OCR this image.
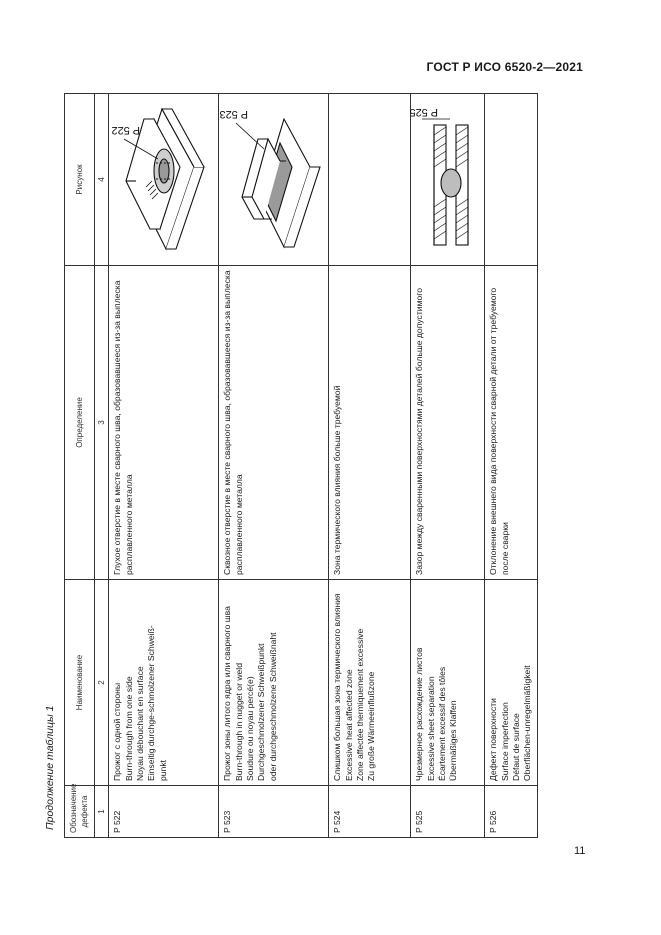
ГОСТ Р ИСО 6520-2—2021
Продолжение таблицы 1 Обозначение дефекта	Наименование	Определение	Рисунок
1	2	3	4
P 522	Прожог с одной стороны Burn-through from one side Noyau débouchant en surface Einseitig durchge-schmolzener Schweiß- punkt	Глухое отверстие в месте сварного шва, образовавшееся из-за выплеска расплавленного металла	P 522

P 523	Прожог зоны литого ядра или сварного шва Burn-through in nugget or weld Soudure ou noyau percé(e) Durchgeschmolzener Schweißpunkt oder durchgeschmolzene Schweißnaht	Сквозное отверстие в месте сварного шва, образовавшееся из-за выплеска расплавленного металла	P 523

P 524	Слишком большая зона термического влияния Excessive heat affected zone Zone affectée thermiquement excessive Zu große Wärmeeinflußzone	Зона термического влияния больше требуемой	
P 525	Чрезмерное расхождение листов Excessive sheet separation Écartement excessif des tôles Übermäßiges Klaffen	Зазор между сваренными поверхностями деталей больше допустимого	P 525

P 526	Дефект поверхности Surface imperfection Défaut de surface Oberflächen-unregelmäßigkeit	Отклонение внешнего вида поверхности сварной детали от требуемого после сварки	
11
